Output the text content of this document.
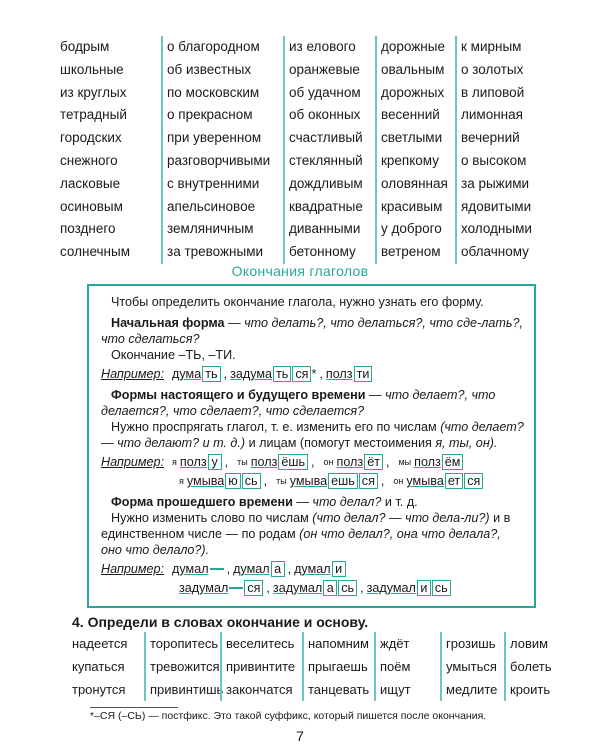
бодрым
школьные
из круглых
тетрадный
городских
снежного
ласковые
осиновым
позднего
солнечным
о благородном
об известных
по московским
о прекрасном
при уверенном
разговорчивыми
с внутренними
апельсиновое
земляничным
за тревожными
из елового
оранжевые
об удачном
об оконных
счастливый
стеклянный
дождливым
квадратные
диванными
бетонному
дорожные
овальным
дорожных
весенний
светлыми
крепкому
оловянная
красивым
у доброго
ветреном
к мирным
о золотых
в липовой
лимонная
вечерний
о высоком
за рыжими
ядовитыми
холодными
облачному
Окончания глаголов

Чтобы определить окончание глагола, нужно узнать его форму.

Начальная форма — что делать?, что делаться?, что сде-лать?, что сделаться?

Окончание –ТЬ, –ТИ.

Например: дума ть , задума ть ся * , полз ти

Формы настоящего и будущего времени — что делает?, что делается?, что сделает?, что сделается?

Нужно проспрягать глагол, т. е. изменить его по числам (что делает? — что делают? и т. д.) и лицам (помогут местоимения я, ты, он).

Например: я полз у , ты полз ёшь , он полз ёт , мы полз ём
я умыва ю сь , ты умыва ешь ся , он умыва ет ся

Форма прошедшего времени — что делал? и т. д.

Нужно изменить слово по числам (что делал? — что дела-ли?) и в единственном числе — по родам (он что делал?, она что делала?, оно что делало?).

Например: думал , думал а , думал и
задумал ся , задумал а сь , задумал и сь
4. Определи в словах окончание и основу.
надеется
купаться
тронутся
торопитесь
тревожится
привинтишь
веселитесь
привинтите
закончатся
напомним
прыгаешь
танцевать
ждёт
поём
ищут
грозишь
умыться
медлите
ловим
болеть
кроить
*–СЯ (–СЬ) — постфикс. Это такой суффикс, который пишется после окончания.
7
